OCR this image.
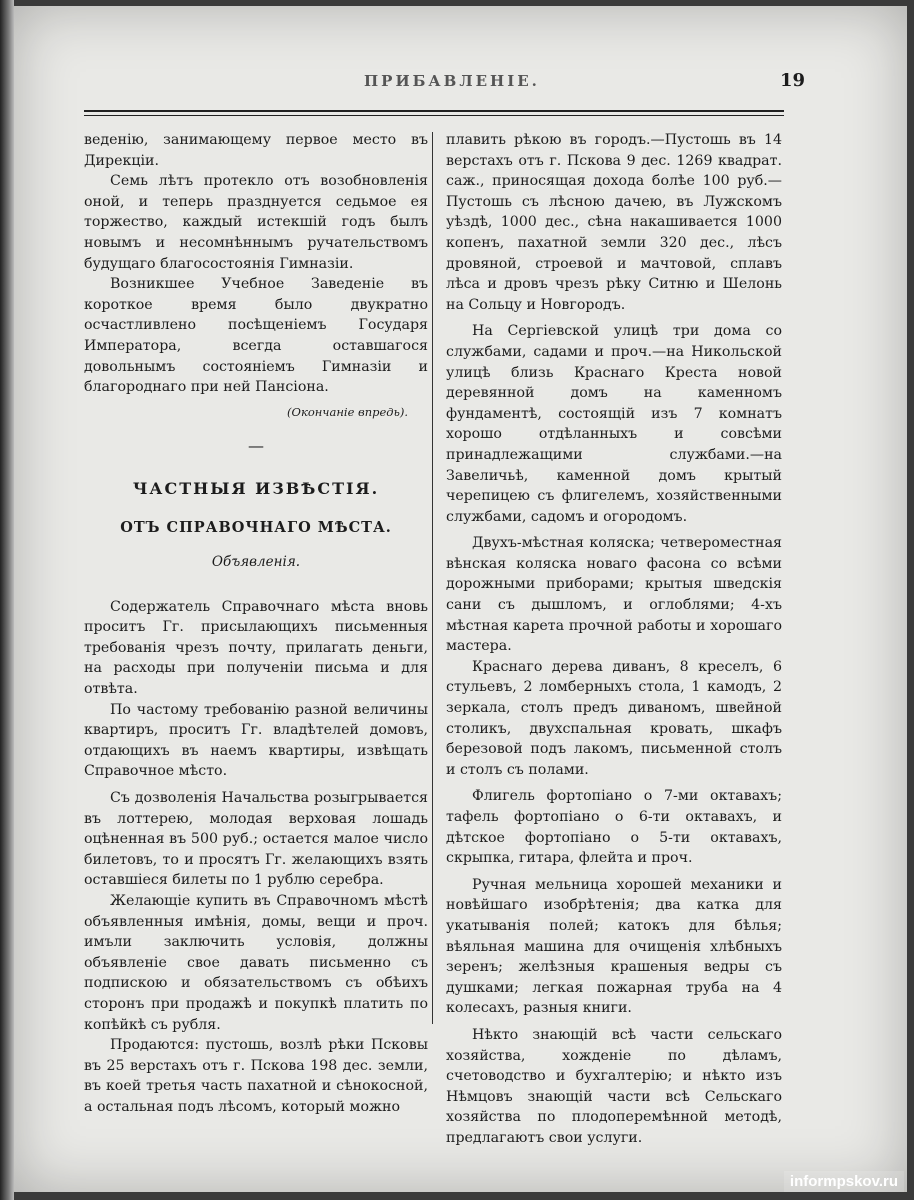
ПРИБАВЛЕНІЕ.	19

веденію, занимающему первое место въ Дирекціи.

Семь лѣтъ протекло отъ возобновленія оной, и теперь празднуется седьмое ея торжество, каждый истекшій годъ былъ новымъ и несомнѣннымъ ручательствомъ будущаго благосостоянія Гимназіи.

Возникшее Учебное Заведеніе въ короткое время было двукратно осчастливлено посѣщеніемъ Государя Императора, всегда оставшагося довольнымъ состояніемъ Гимназіи и благороднаго при ней Пансіона.

(Окончаніе впредь).
—
ЧАСТНЫЯ ИЗВѢСТІЯ.
ОТЪ СПРАВОЧНАГО МѢСТА.
Объявленія.

Содержатель Справочнаго мѣста вновь проситъ Гг. присылающихъ письменныя требованія чрезъ почту, прилагать деньги, на расходы при полученіи письма и для отвѣта.

По частому требованію разной величины квартиръ, проситъ Гг. владѣтелей домовъ, отдающихъ въ наемъ квартиры, извѣщать Справочное мѣсто.

Съ дозволенія Начальства розыгрывается въ лоттерею, молодая верховая лошадь оцѣненная въ 500 руб.; остается малое число билетовъ, то и просятъ Гг. желающихъ взять оставшіеся билеты по 1 рублю серебра.

Желающіе купить въ Справочномъ мѣстѣ объявленныя имѣнія, домы, вещи и проч. имъли заключить условія, должны объявленіе свое давать письменно съ подпискою и обязательствомъ съ обѣихъ сторонъ при продажѣ и покупкѣ платить по копѣйкѣ съ рубля.

Продаются: пустошь, возлѣ рѣки Псковы въ 25 верстахъ отъ г. Пскова 198 дес. земли, въ коей третья часть пахатной и сѣнокосной, а остальная подъ лѣсомъ, который можно

плавить рѣкою въ городъ.—Пустошь въ 14 верстахъ отъ г. Пскова 9 дес. 1269 квадрат. саж., приносящая дохода болѣе 100 руб.—Пустошь съ лѣсною дачею, въ Лужскомъ уѣздѣ, 1000 дес., сѣна накашивается 1000 копенъ, пахатной земли 320 дес., лѣсъ дровяной, строевой и мачтовой, сплавъ лѣса и дровъ чрезъ рѣку Ситню и Шелонь на Сольцу и Новгородъ.

На Сергіевской улицѣ три дома со службами, садами и проч.—на Никольской улицѣ близь Краснаго Креста новой деревянной домъ на каменномъ фундаментѣ, состоящій изъ 7 комнатъ хорошо отдѣланныхъ и совсѣми принадлежащими службами.—на Завеличьѣ, каменной домъ крытый черепицею съ флигелемъ, хозяйственными службами, садомъ и огородомъ.

Двухъ-мѣстная коляска; четвероместная вѣнская коляска новаго фасона со всѣми дорожными приборами; крытыя шведскія сани съ дышломъ, и оглоблями; 4-хъ мѣстная карета прочной работы и хорошаго мастера.

Краснаго дерева диванъ, 8 креселъ, 6 стульевъ, 2 ломберныхъ стола, 1 камодъ, 2 зеркала, столъ предъ диваномъ, швейной столикъ, двухспальная кровать, шкафъ березовой подъ лакомъ, письменной столъ и столъ съ полами.

Флигель фортопіано о 7-ми октавахъ; тафель фортопіано о 6-ти октавахъ, и дѣтское фортопіано о 5-ти октавахъ, скрыпка, гитара, флейта и проч.

Ручная мельница хорошей механики и новѣйшаго изобрѣтенія; два катка для укатыванія полей; катокъ для бѣлья; вѣяльная машина для очищенія хлѣбныхъ зеренъ; желѣзныя крашеныя ведры съ душками; легкая пожарная труба на 4 колесахъ, разныя книги.

Нѣкто знающій всѣ части сельскаго хозяйства, хожденіе по дѣламъ, счетоводство и бухгалтерію; и нѣкто изъ Нѣмцовъ знающій части всѣ Сельскаго хозяйства по плодоперемѣнной методѣ, предлагаютъ свои услуги.

informpskov.ru
